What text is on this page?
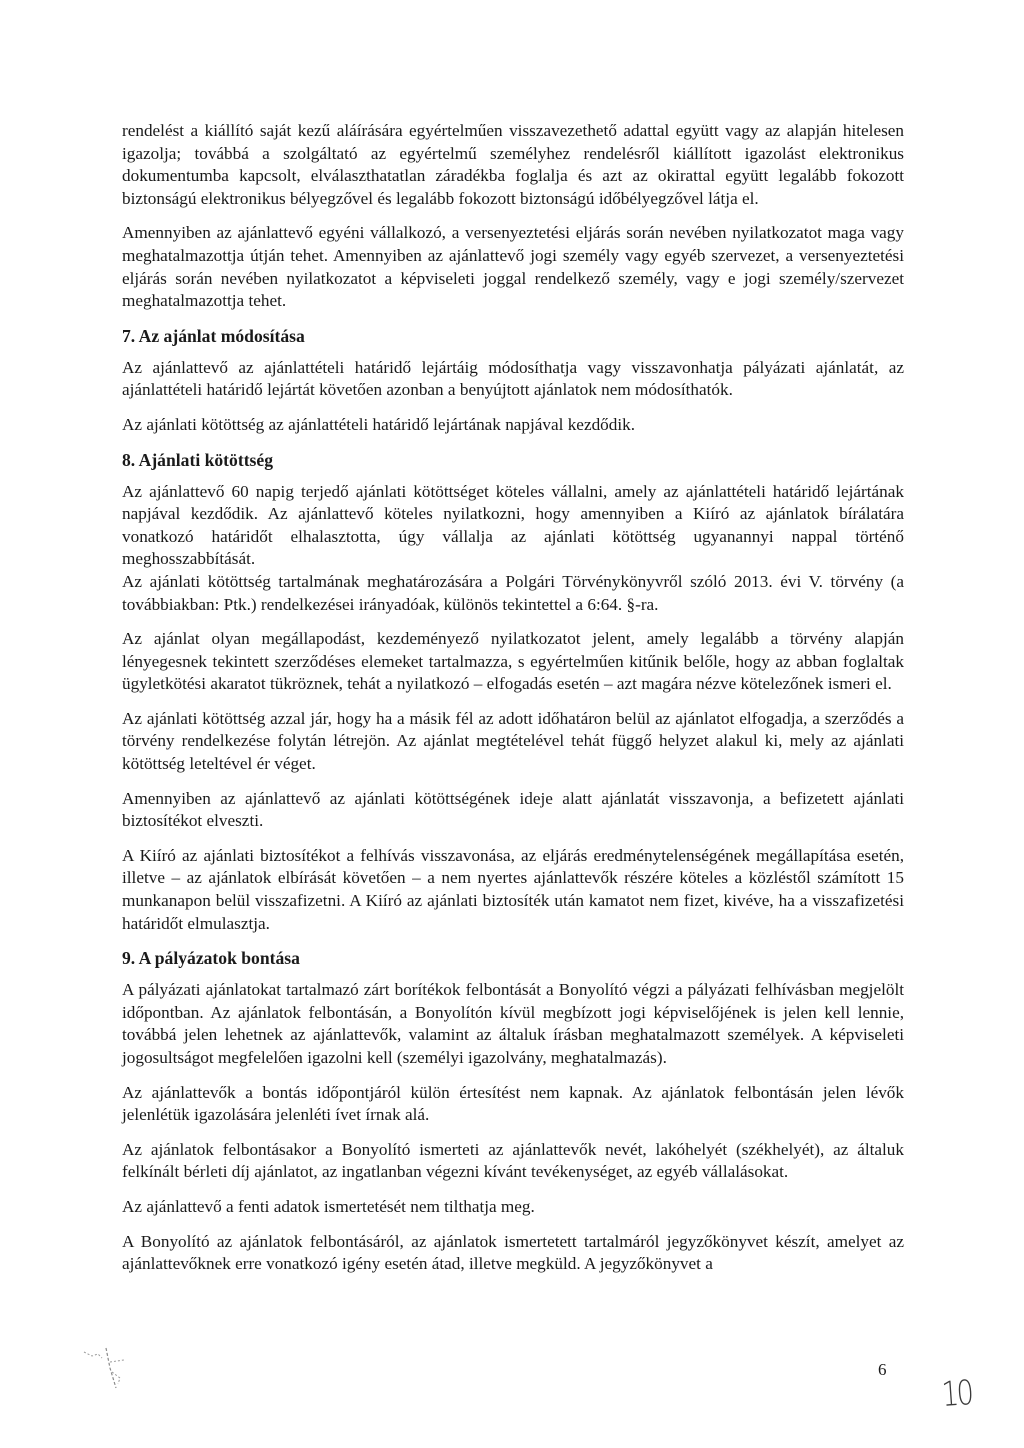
rendelést a kiállító saját kezű aláírására egyértelműen visszavezethető adattal együtt vagy az alapján hitelesen igazolja; továbbá a szolgáltató az egyértelmű személyhez rendelésről kiállított igazolást elektronikus dokumentumba kapcsolt, elválaszthatatlan záradékba foglalja és azt az okirattal együtt legalább fokozott biztonságú elektronikus bélyegzővel és legalább fokozott biztonságú időbélyegzővel látja el.

Amennyiben az ajánlattevő egyéni vállalkozó, a versenyeztetési eljárás során nevében nyilatkozatot maga vagy meghatalmazottja útján tehet. Amennyiben az ajánlattevő jogi személy vagy egyéb szervezet, a versenyeztetési eljárás során nevében nyilatkozatot a képviseleti joggal rendelkező személy, vagy e jogi személy/szervezet meghatalmazottja tehet.

7. Az ajánlat módosítása

Az ajánlattevő az ajánlattételi határidő lejártáig módosíthatja vagy visszavonhatja pályázati ajánlatát, az ajánlattételi határidő lejártát követően azonban a benyújtott ajánlatok nem módosíthatók.

Az ajánlati kötöttség az ajánlattételi határidő lejártának napjával kezdődik.

8. Ajánlati kötöttség

Az ajánlattevő 60 napig terjedő ajánlati kötöttséget köteles vállalni, amely az ajánlattételi határidő lejártának napjával kezdődik. Az ajánlattevő köteles nyilatkozni, hogy amennyiben a Kiíró az ajánlatok bírálatára vonatkozó határidőt elhalasztotta, úgy vállalja az ajánlati kötöttség ugyanannyi nappal történő meghosszabbítását.

Az ajánlati kötöttség tartalmának meghatározására a Polgári Törvénykönyvről szóló 2013. évi V. törvény (a továbbiakban: Ptk.) rendelkezései irányadóak, különös tekintettel a 6:64. §-ra.

Az ajánlat olyan megállapodást, kezdeményező nyilatkozatot jelent, amely legalább a törvény alapján lényegesnek tekintett szerződéses elemeket tartalmazza, s egyértelműen kitűnik belőle, hogy az abban foglaltak ügyletkötési akaratot tükröznek, tehát a nyilatkozó – elfogadás esetén – azt magára nézve kötelezőnek ismeri el.

Az ajánlati kötöttség azzal jár, hogy ha a másik fél az adott időhatáron belül az ajánlatot elfogadja, a szerződés a törvény rendelkezése folytán létrejön. Az ajánlat megtételével tehát függő helyzet alakul ki, mely az ajánlati kötöttség leteltével ér véget.

Amennyiben az ajánlattevő az ajánlati kötöttségének ideje alatt ajánlatát visszavonja, a befizetett ajánlati biztosítékot elveszti.

A Kiíró az ajánlati biztosítékot a felhívás visszavonása, az eljárás eredménytelenségének megállapítása esetén, illetve – az ajánlatok elbírását követően – a nem nyertes ajánlattevők részére köteles a közléstől számított 15 munkanapon belül visszafizetni. A Kiíró az ajánlati biztosíték után kamatot nem fizet, kivéve, ha a visszafizetési határidőt elmulasztja.

9. A pályázatok bontása

A pályázati ajánlatokat tartalmazó zárt borítékok felbontását a Bonyolító végzi a pályázati felhívásban megjelölt időpontban. Az ajánlatok felbontásán, a Bonyolítón kívül megbízott jogi képviselőjének is jelen kell lennie, továbbá jelen lehetnek az ajánlattevők, valamint az általuk írásban meghatalmazott személyek. A képviseleti jogosultságot megfelelően igazolni kell (személyi igazolvány, meghatalmazás).

Az ajánlattevők a bontás időpontjáról külön értesítést nem kapnak. Az ajánlatok felbontásán jelen lévők jelenlétük igazolására jelenléti ívet írnak alá.

Az ajánlatok felbontásakor a Bonyolító ismerteti az ajánlattevők nevét, lakóhelyét (székhelyét), az általuk felkínált bérleti díj ajánlatot, az ingatlanban végezni kívánt tevékenységet, az egyéb vállalásokat.

Az ajánlattevő a fenti adatok ismertetését nem tilthatja meg.

A Bonyolító az ajánlatok felbontásáról, az ajánlatok ismertetett tartalmáról jegyzőkönyvet készít, amelyet az ajánlattevőknek erre vonatkozó igény esetén átad, illetve megküld. A jegyzőkönyvet a

6
10
